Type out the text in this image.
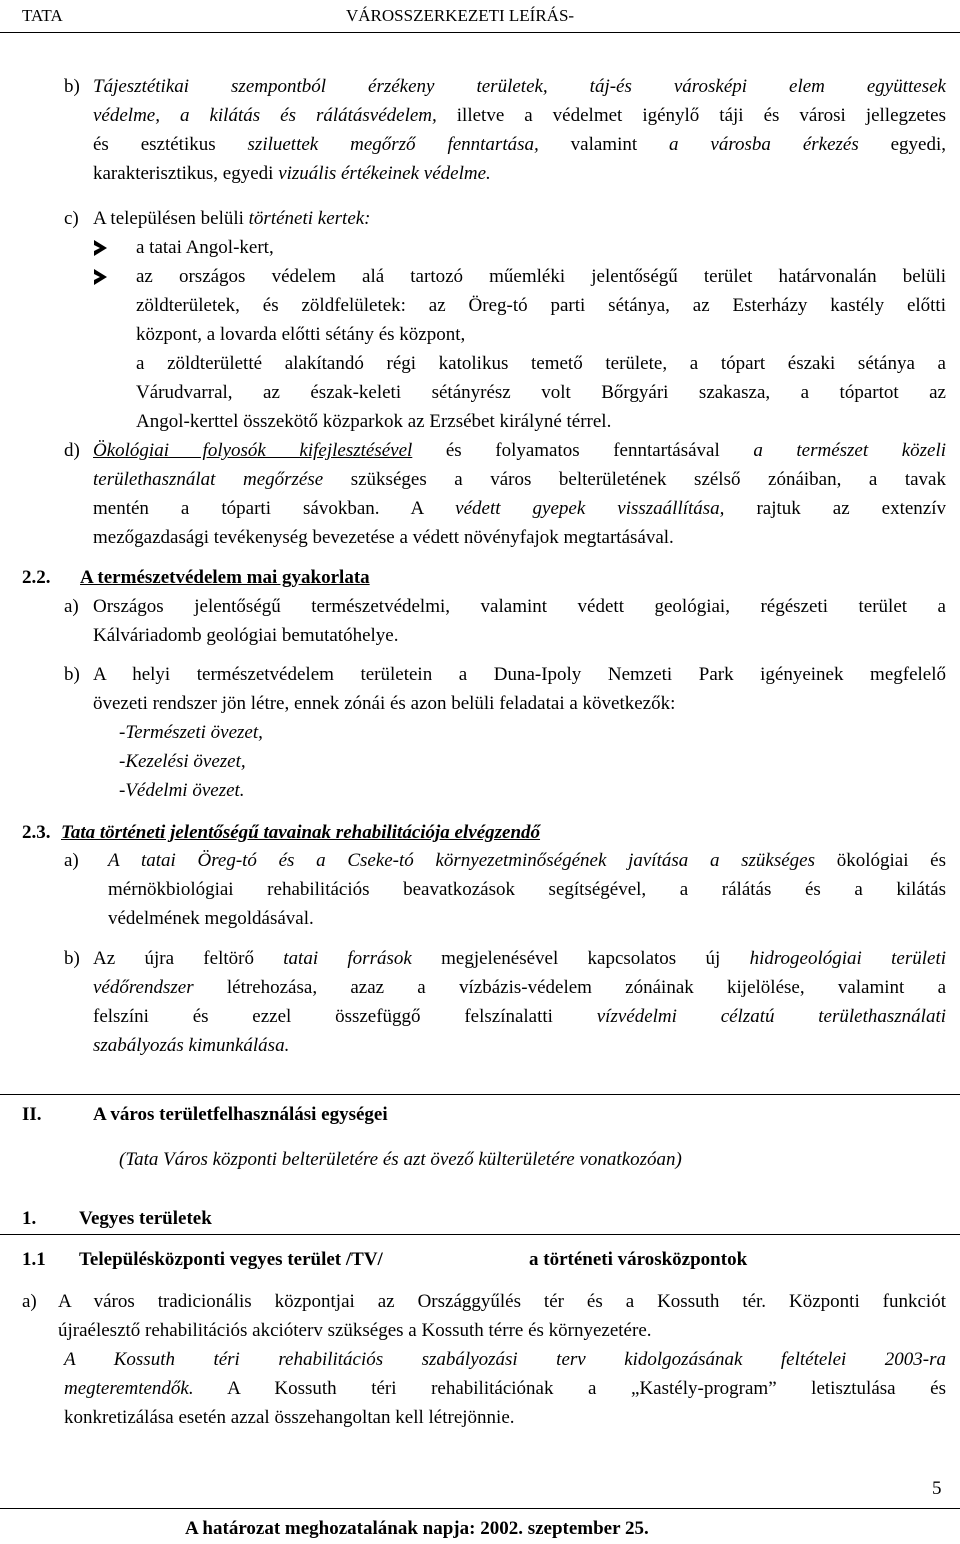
TATA	VÁROSSZERKEZETI LEÍRÁS-
b) Tájesztétikai szempontból érzékeny területek, táj-és városképi elem együttesek
védelme, a kilátás és rálátásvédelem, illetve a védelmet igénylő táji és városi jellegzetes
és esztétikus sziluettek megőrző fenntartása, valamint a városba érkezés egyedi,
karakterisztikus, egyedi vizuális értékeinek védelme.
c) A településen belüli történeti kertek:
a tatai Angol-kert,
az országos védelem alá tartozó műemléki jelentőségű terület határvonalán belüli
zöldterületek, és zöldfelületek: az Öreg-tó parti sétánya, az Esterházy kastély előtti
központ, a lovarda előtti sétány és központ,
a zöldterületté alakítandó régi katolikus temető területe, a tópart északi sétánya a
Várudvarral, az észak-keleti sétányrész volt Bőrgyári szakasza, a tópartot az
Angol-kerttel összekötő közparkok az Erzsébet királyné térrel.
d) Ökológiai folyosók kifejlesztésével és folyamatos fenntartásával a természet közeli
területhasználat megőrzése szükséges a város belterületének szélső zónáiban, a tavak
mentén a tóparti sávokban. A védett gyepek visszaállítása, rajtuk az extenzív
mezőgazdasági tevékenység bevezetése a védett növényfajok megtartásával.
2.2. A természetvédelem mai gyakorlata
a) Országos jelentőségű természetvédelmi, valamint védett geológiai, régészeti terület a
Kálváriadomb geológiai bemutatóhelye.
b) A helyi természetvédelem területein a Duna-Ipoly Nemzeti Park igényeinek megfelelő
övezeti rendszer jön létre, ennek zónái és azon belüli feladatai a következők:
-Természeti övezet,
-Kezelési övezet,
-Védelmi övezet.
2.3. Tata történeti jelentőségű tavainak rehabilitációja elvégzendő
a) A tatai Öreg-tó és a Cseke-tó környezetminőségének javítása a szükséges ökológiai és
mérnökbiológiai rehabilitációs beavatkozások segítségével, a rálátás és a kilátás
védelmének megoldásával.
b) Az újra feltörő tatai források megjelenésével kapcsolatos új hidrogeológiai területi
védőrendszer létrehozása, azaz a vízbázis-védelem zónáinak kijelölése, valamint a
felszíni és ezzel összefüggő felszínalatti vízvédelmi célzatú területhasználati
szabályozás kimunkálása.
II.	A város területfelhasználási egységei
(Tata Város központi belterületére és azt övező külterületére vonatkozóan)
1. Vegyes területek
1.1 Településközponti vegyes terület /TV/	a történeti városközpontok
a) A város tradicionális központjai az Országgyűlés tér és a Kossuth tér. Központi funkciót
újraélesztő rehabilitációs akcióterv szükséges a Kossuth térre és környezetére.
A Kossuth téri rehabilitációs szabályozási terv kidolgozásának feltételei 2003-ra
megteremtendők. A Kossuth téri rehabilitációnak a „Kastély-program” letisztulása és
konkretizálása esetén azzal összehangoltan kell létrejönnie.
5
A határozat meghozatalának napja: 2002. szeptember 25.
